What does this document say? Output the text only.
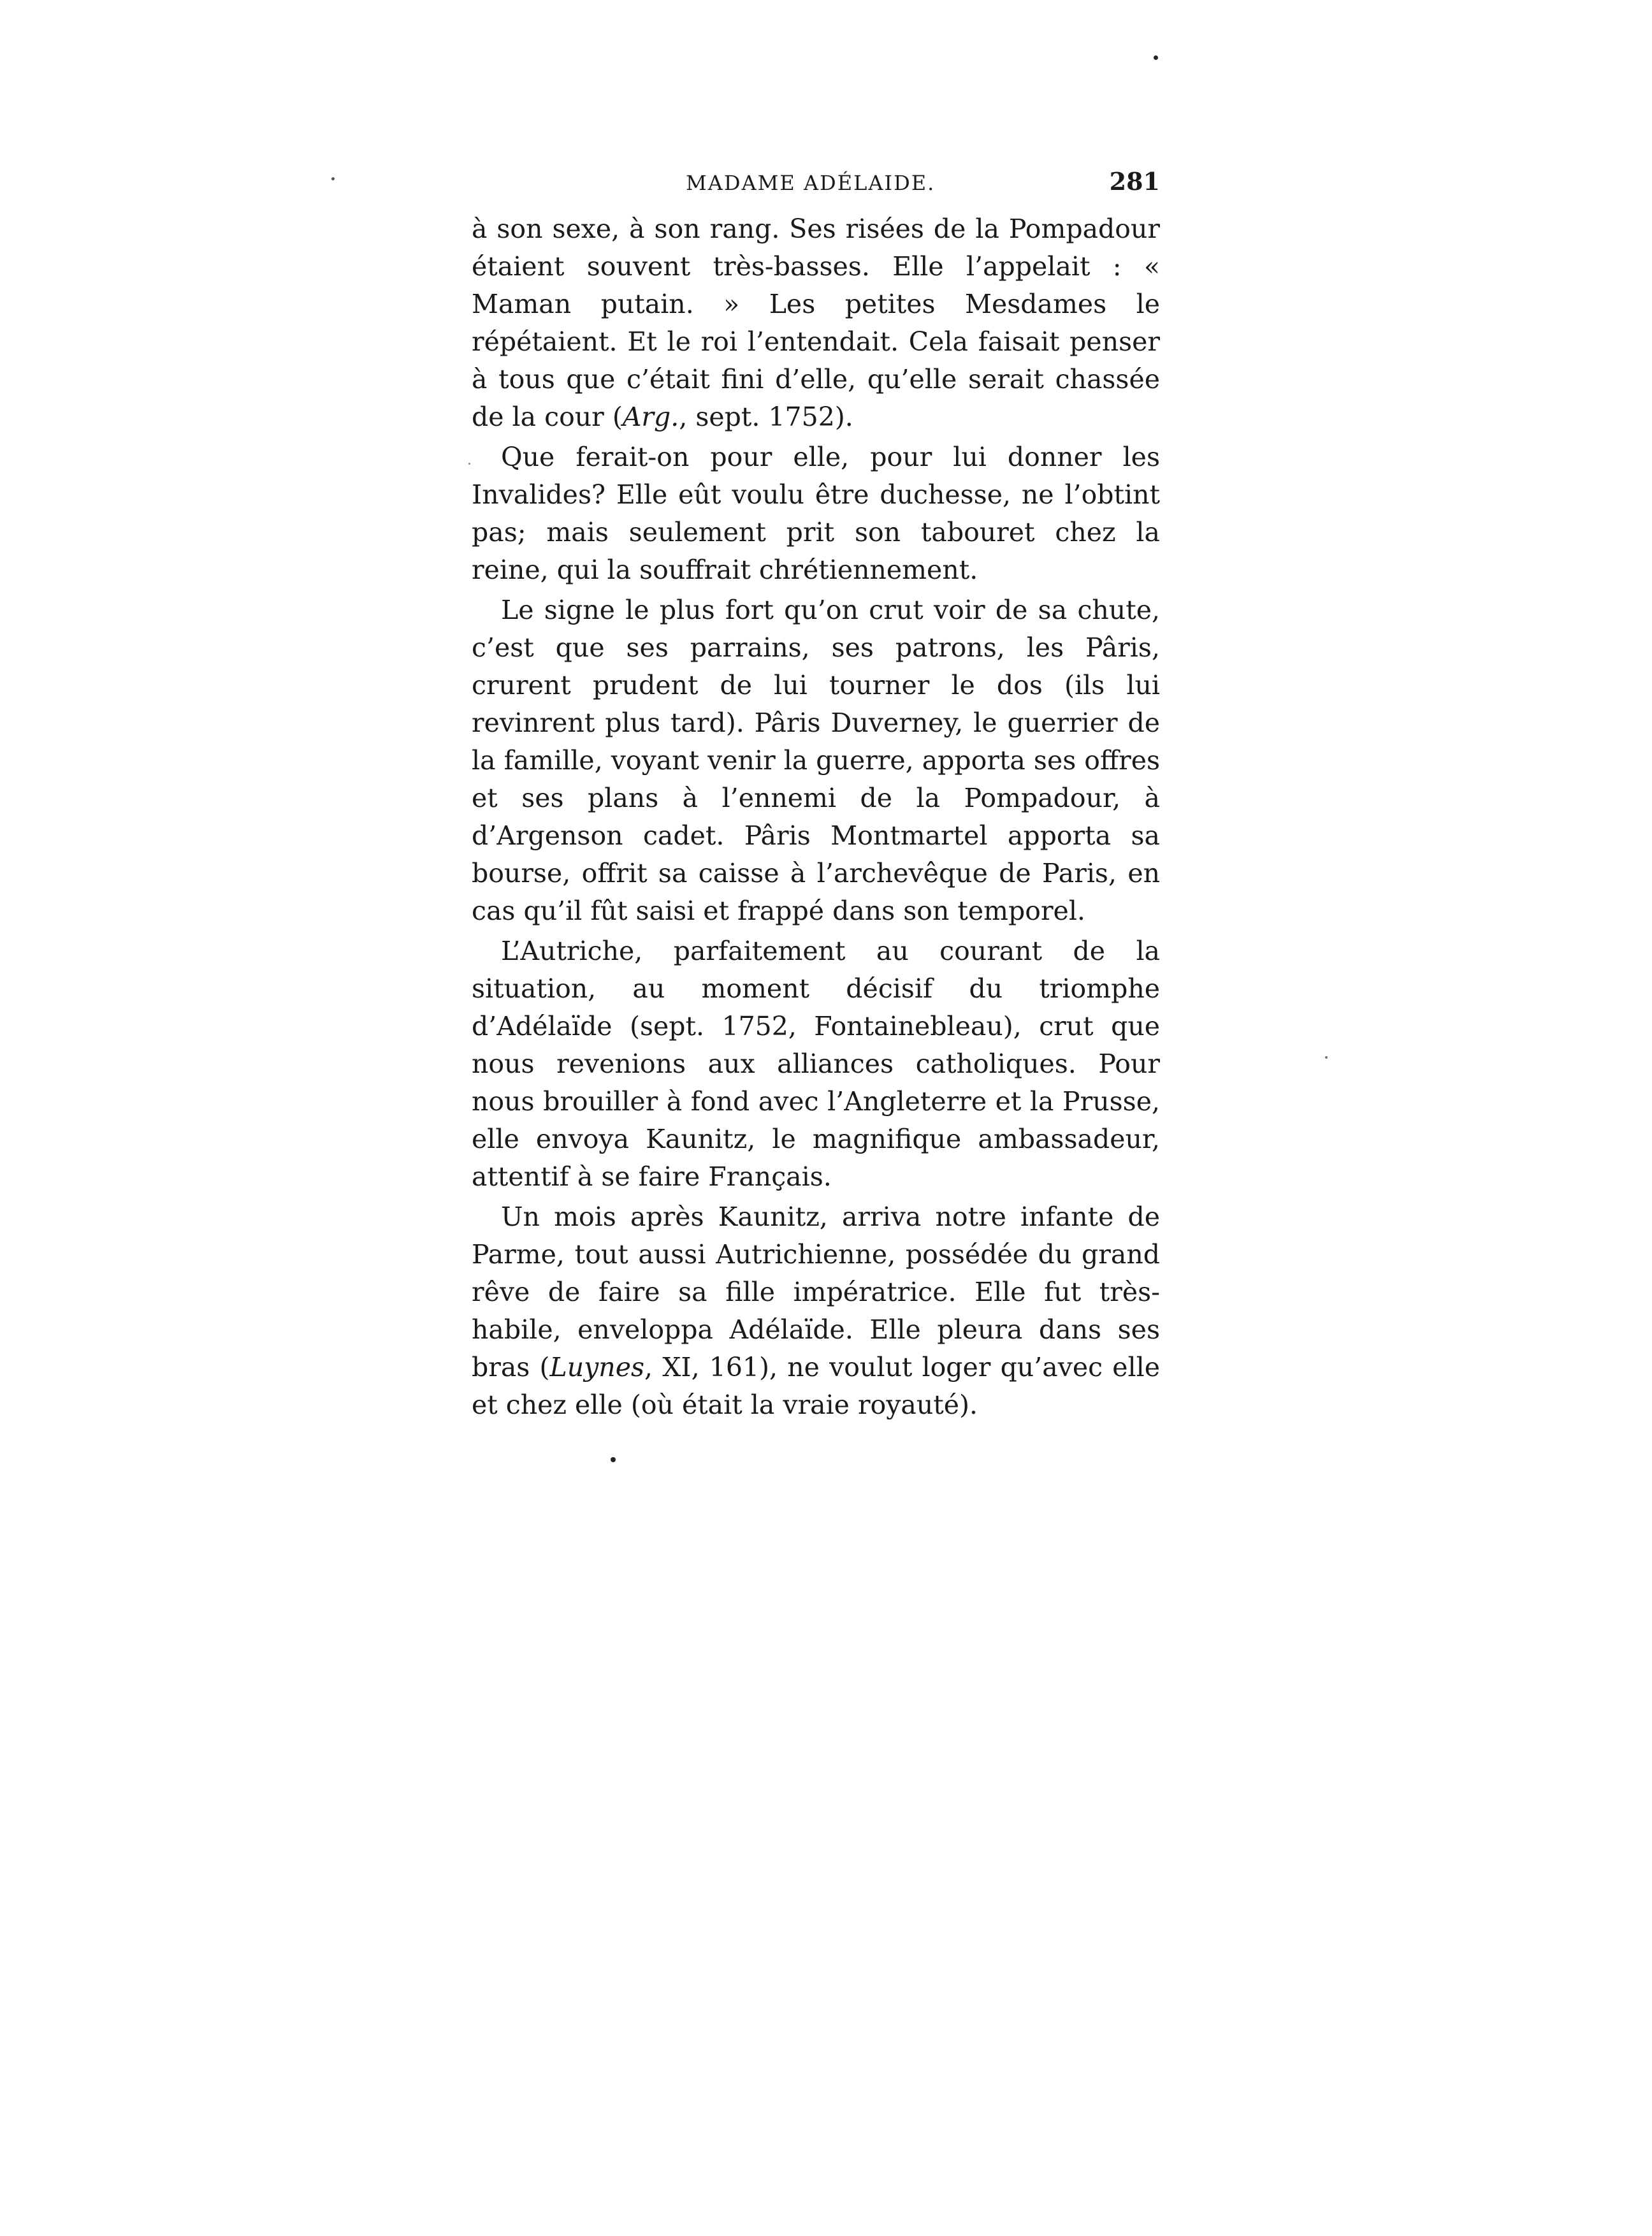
MADAME ADÉLAIDE.	281

à son sexe, à son rang. Ses risées de la Pompadour étaient souvent très-basses. Elle l’appelait : « Maman putain. » Les petites Mesdames le répétaient. Et le roi l’entendait. Cela faisait penser à tous que c’était fini d’elle, qu’elle serait chassée de la cour (Arg., sept. 1752).

Que ferait-on pour elle, pour lui donner les Invalides? Elle eût voulu être duchesse, ne l’obtint pas; mais seulement prit son tabouret chez la reine, qui la souffrait chrétiennement.

Le signe le plus fort qu’on crut voir de sa chute, c’est que ses parrains, ses patrons, les Pâris, crurent prudent de lui tourner le dos (ils lui revinrent plus tard). Pâris Duverney, le guerrier de la famille, voyant venir la guerre, apporta ses offres et ses plans à l’ennemi de la Pompadour, à d’Argenson cadet. Pâris Montmartel apporta sa bourse, offrit sa caisse à l’archevêque de Paris, en cas qu’il fût saisi et frappé dans son temporel.

L’Autriche, parfaitement au courant de la situation, au moment décisif du triomphe d’Adélaïde (sept. 1752, Fontainebleau), crut que nous revenions aux alliances catholiques. Pour nous brouiller à fond avec l’Angleterre et la Prusse, elle envoya Kaunitz, le magnifique ambassadeur, attentif à se faire Français.

Un mois après Kaunitz, arriva notre infante de Parme, tout aussi Autrichienne, possédée du grand rêve de faire sa fille impératrice. Elle fut très-habile, enveloppa Adélaïde. Elle pleura dans ses bras (Luynes, XI, 161), ne voulut loger qu’avec elle et chez elle (où était la vraie royauté).
